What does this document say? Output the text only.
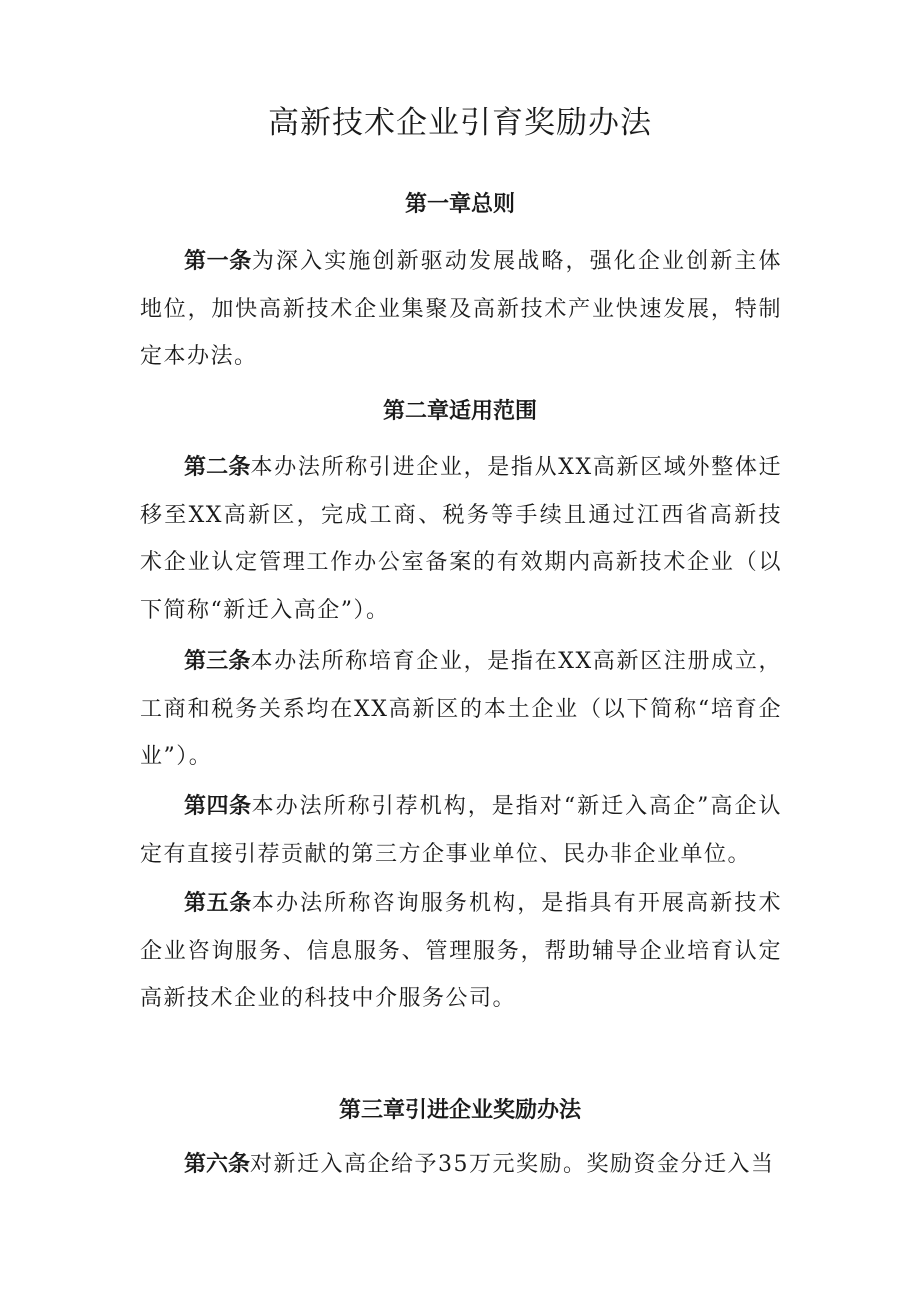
高新技术企业引育奖励办法
第一章总则

第一条为深入实施创新驱动发展战略，强化企业创新主体地位，加快高新技术企业集聚及高新技术产业快速发展，特制定本办法。

第二章适用范围

第二条本办法所称引进企业，是指从XX高新区域外整体迁移至XX高新区，完成工商、税务等手续且通过江西省高新技术企业认定管理工作办公室备案的有效期内高新技术企业（以下简称“新迁入高企”）。

第三条本办法所称培育企业，是指在XX高新区注册成立，工商和税务关系均在XX高新区的本土企业（以下简称“培育企业”）。

第四条本办法所称引荐机构，是指对“新迁入高企”高企认定有直接引荐贡献的第三方企事业单位、民办非企业单位。

第五条本办法所称咨询服务机构，是指具有开展高新技术企业咨询服务、信息服务、管理服务，帮助辅导企业培育认定高新技术企业的科技中介服务公司。

第三章引进企业奖励办法

第六条对新迁入高企给予35万元奖励。奖励资金分迁入当
